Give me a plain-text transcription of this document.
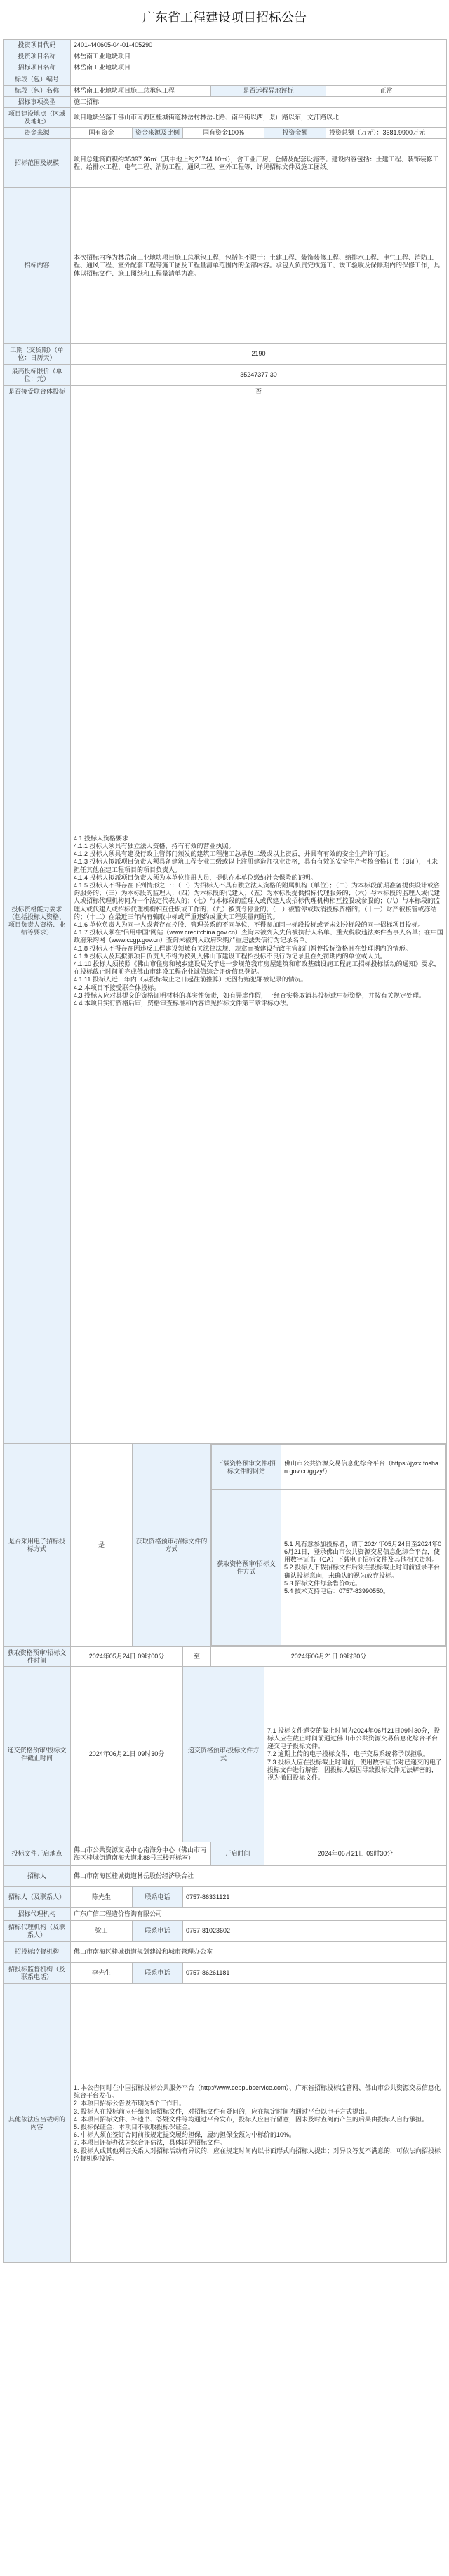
广东省工程建设项目招标公告
投资项目代码	2401-440605-04-01-405290
投资项目名称	林岳南工业地块项目
招标项目名称	林岳南工业地块项目
标段（包）编号	
标段（包）名称	林岳南工业地块项目施工总承包工程	是否远程异地评标	正常
招标事项类型	施工招标
项目建设地点（区域及地址）	项目地块坐落于佛山市南海区桂城街道林岳村林岳北路、南平街以西，景山路以东，文沛路以北
资金来源	国有资金	资金来源及比例	国有资金100%	投资金额	投资总额（万元）：3681.9900万元
招标范围及规模	项目总建筑面积约35397.36㎡（其中地上约26744.10㎡），含工业厂房、仓储及配套设施等。建设内容包括：土建工程、装饰装修工程、给排水工程、电气工程、消防工程、通风工程、室外工程等，详见招标文件及施工图纸。
招标内容	本次招标内容为林岳南工业地块项目施工总承包工程，包括但不限于：土建工程、装饰装修工程、给排水工程、电气工程、消防工程、通风工程、室外配套工程等施工图及工程量清单范围内的全部内容。承包人负责完成施工、竣工验收及保修期内的保修工作，具体以招标文件、施工图纸和工程量清单为准。
工期（交货期）（单位：日历天）	2190
最高投标限价（单位：元）	35247377.30
是否接受联合体投标	否
投标资格能力要求（包括投标人资格、项目负责人资格、业绩等要求）	4.1 投标人资格要求
4.1.1 投标人须具有独立法人资格，持有有效的营业执照。
4.1.2 投标人须具有建设行政主管部门颁发的建筑工程施工总承包二级或以上资质，并具有有效的安全生产许可证。
4.1.3 投标人拟派项目负责人须具备建筑工程专业二级或以上注册建造师执业资格，具有有效的安全生产考核合格证书（B证），且未担任其他在建工程项目的项目负责人。
4.1.4 投标人拟派项目负责人须为本单位注册人员，提供在本单位缴纳社会保险的证明。
4.1.5 投标人不得存在下列情形之一：（一）为招标人不具有独立法人资格的附属机构（单位）；（二）为本标段前期准备提供设计或咨询服务的；（三）为本标段的监理人；（四）为本标段的代建人；（五）为本标段提供招标代理服务的；（六）与本标段的监理人或代建人或招标代理机构同为一个法定代表人的；（七）与本标段的监理人或代建人或招标代理机构相互控股或参股的；（八）与本标段的监理人或代建人或招标代理机构相互任职或工作的；（九）被责令停业的；（十）被暂停或取消投标资格的；（十一）财产被接管或冻结的；（十二）在最近三年内有骗取中标或严重违约或重大工程质量问题的。
4.1.6 单位负责人为同一人或者存在控股、管理关系的不同单位，不得参加同一标段投标或者未划分标段的同一招标项目投标。
4.1.7 投标人须在“信用中国”网站（www.creditchina.gov.cn）查询未被列入失信被执行人名单、重大税收违法案件当事人名单；在中国政府采购网（www.ccgp.gov.cn）查询未被列入政府采购严重违法失信行为记录名单。
4.1.8 投标人不得存在因违反工程建设领域有关法律法规、规章而被建设行政主管部门暂停投标资格且在处理期内的情形。
4.1.9 投标人及其拟派项目负责人不得为被列入佛山市建设工程招投标不良行为记录且在处罚期内的单位或人员。
4.1.10 投标人须按照《佛山市住房和城乡建设局关于进一步规范我市房屋建筑和市政基础设施工程施工招标投标活动的通知》要求，在投标截止时间前完成佛山市建设工程企业诚信综合评价信息登记。
4.1.11 投标人近三年内（从投标截止之日起往前推算）无因行贿犯罪被记录的情况。
4.2 本项目不接受联合体投标。
4.3 投标人应对其提交的资格证明材料的真实性负责，如有弄虚作假，一经查实将取消其投标或中标资格，并按有关规定处理。
4.4 本项目实行资格后审，资格审查标准和内容详见招标文件第三章评标办法。
是否采用电子招标投标方式	是	获取资格预审/招标文件的方式	
下载资格预审文件/招标文件的网站	佛山市公共资源交易信息化综合平台（https://jyzx.foshan.gov.cn/ggzy/）
获取资格预审/招标文件方式	5.1 凡有意参加投标者，请于2024年05月24日至2024年06月21日，登录佛山市公共资源交易信息化综合平台，使用数字证书（CA）下载电子招标文件及其他相关资料。
5.2 投标人下载招标文件后须在投标截止时间前登录平台确认投标意向，未确认的视为放弃投标。
5.3 招标文件每套售价0元。
5.4 技术支持电话：0757-83990550。

获取资格预审/招标文件时间	2024年05月24日 09时00分	至	2024年06月21日 09时30分
递交资格预审/投标文件截止时间	2024年06月21日 09时30分	递交资格预审/投标文件方式	7.1 投标文件递交的截止时间为2024年06月21日09时30分，投标人应在截止时间前通过佛山市公共资源交易信息化综合平台递交电子投标文件。
7.2 逾期上传的电子投标文件，电子交易系统将予以拒收。
7.3 投标人应在投标截止时间前，使用数字证书对已递交的电子投标文件进行解密，因投标人原因导致投标文件无法解密的，视为撤回投标文件。
投标文件开启地点	佛山市公共资源交易中心南海分中心（佛山市南海区桂城街道南海大道北88号三楼开标室）	开启时间	2024年06月21日 09时30分
招标人	佛山市南海区桂城街道林岳股份经济联合社
招标人（及联系人）	陈先生	联系电话	0757-86331121
招标代理机构	广东广信工程造价咨询有限公司
招标代理机构（及联系人）	梁工	联系电话	0757-81023602
招投标监督机构	佛山市南海区桂城街道规划建设和城市管理办公室
招投标监督机构（及联系电话）	李先生	联系电话	0757-86261181
其他依法应当载明的内容	1. 本公告同时在中国招标投标公共服务平台（http://www.cebpubservice.com）、广东省招标投标监管网、佛山市公共资源交易信息化综合平台发布。
2. 本项目招标公告发布期为5个工作日。
3. 投标人在投标前应仔细阅读招标文件，对招标文件有疑问的，应在规定时间内通过平台以电子方式提出。
4. 本项目招标文件、补遗书、答疑文件等均通过平台发布，投标人应自行留意，因未及时查阅而产生的后果由投标人自行承担。
5. 投标保证金：本项目不收取投标保证金。
6. 中标人须在签订合同前按规定提交履约担保，履约担保金额为中标价的10%。
7. 本项目评标办法为综合评估法，具体详见招标文件。
8. 投标人或其他利害关系人对招标活动有异议的，应在规定时间内以书面形式向招标人提出；对异议答复不满意的，可依法向招投标监督机构投诉。
